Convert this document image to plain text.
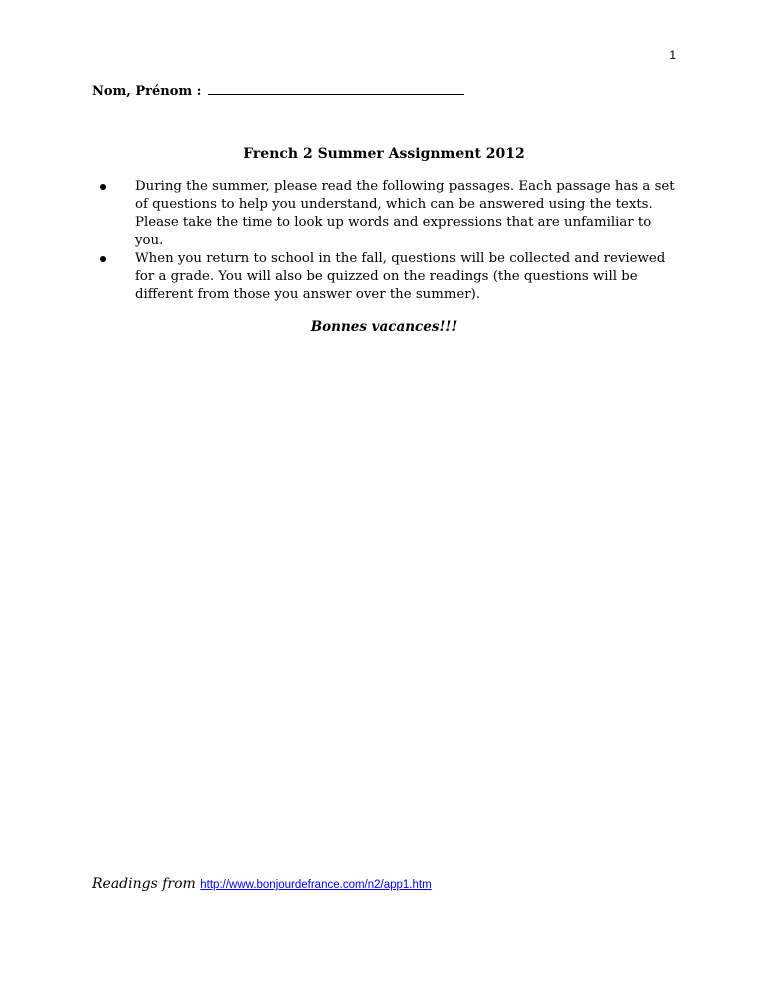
1
Nom, Prénom :
French 2 Summer Assignment 2012
During the summer, please read the following passages. Each passage has a set of questions to help you understand, which can be answered using the texts. Please take the time to look up words and expressions that are unfamiliar to you.
When you return to school in the fall, questions will be collected and reviewed for a grade. You will also be quizzed on the readings (the questions will be different from those you answer over the summer).
Bonnes vacances!!!
Readings from http://www.bonjourdefrance.com/n2/app1.htm
